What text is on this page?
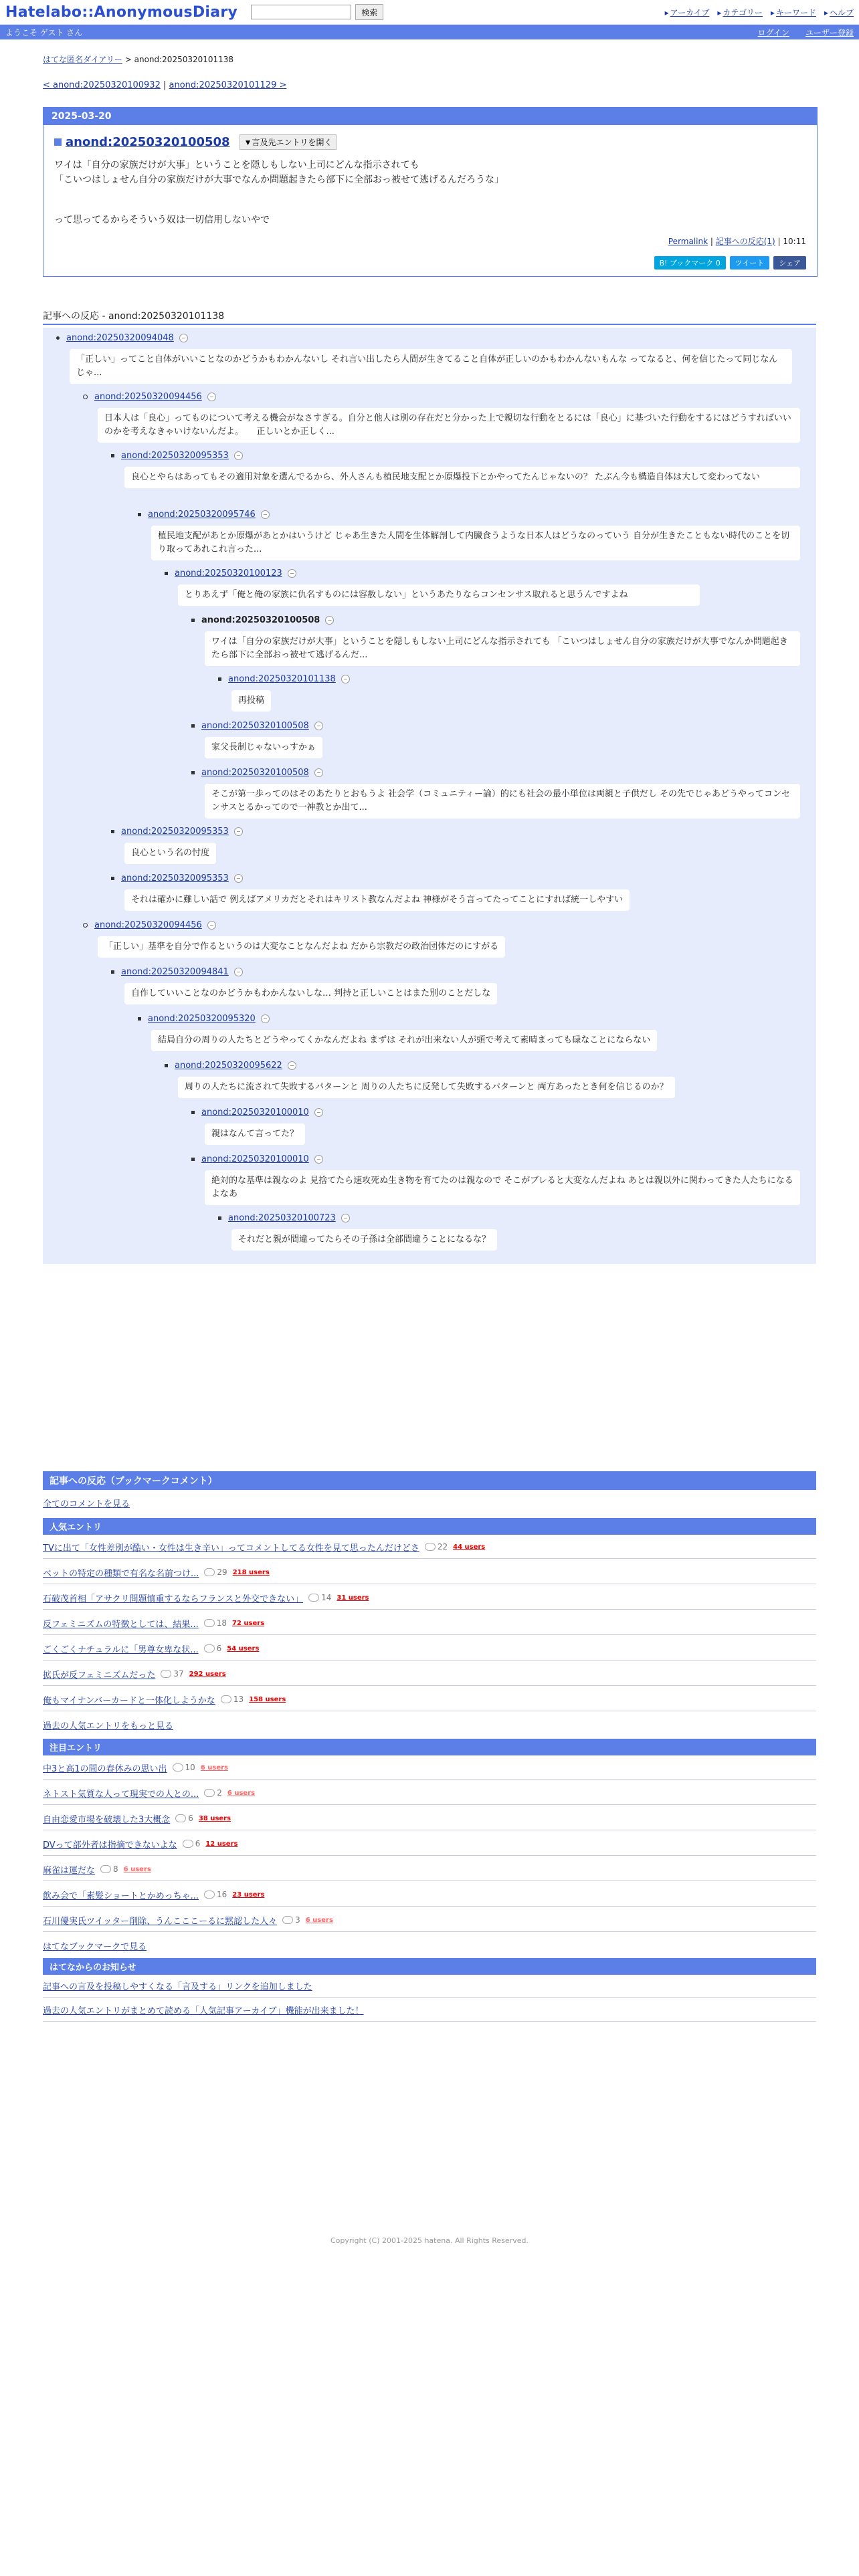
Hatelabo::AnonymousDiary	検索	▸ アーカイブ	▸ カテゴリー	▸ キーワード	▸ ヘルプ
ようこそ ゲスト さん	ログイン ユーザー登録
はてな匿名ダイアリー > anond:20250320101138
< anond:20250320100932 | anond:20250320101129 >
2025-03-20
anond:20250320100508	▼言及先エントリを開く

ワイは「自分の家族だけが大事」ということを隠しもしない上司にどんな指示されても
「こいつはしょせん自分の家族だけが大事でなんか問題起きたら部下に全部おっ被せて逃げるんだろうな」

って思ってるからそういう奴は一切信用しないやで

Permalink | 記事への反応(1) | 10:11
B! ブックマーク 0	ツイート	シェア
記事への反応 - anond:20250320101138
anond:20250320094048	−
「正しい」ってこと自体がいいことなのかどうかもわかんないし それ言い出したら人間が生きてること自体が正しいのかもわかんないもんな ってなると、何を信じたって同じなんじゃ...
anond:20250320094456	−
日本人は「良心」ってものについて考える機会がなさすぎる。自分と他人は別の存在だと分かった上で親切な行動をとるには「良心」に基づいた行動をするにはどうすればいいのかを考えなきゃいけないんだよ。　　正しいとか正しく...
anond:20250320095353	−
良心とやらはあってもその適用対象を選んでるから、外人さんも植民地支配とか原爆投下とかやってたんじゃないの？ たぶん今も構造自体は大して変わってない
anond:20250320095746	−
植民地支配があとか原爆があとかはいうけど じゃあ生きた人間を生体解剖して内臓食うような日本人はどうなのっていう 自分が生きたこともない時代のことを切り取ってあれこれ言った...
anond:20250320100123	−
とりあえず「俺と俺の家族に仇名すものには容赦しない」というあたりならコンセンサス取れると思うんですよね
anond:20250320100508	−
ワイは「自分の家族だけが大事」ということを隠しもしない上司にどんな指示されても 「こいつはしょせん自分の家族だけが大事でなんか問題起きたら部下に全部おっ被せて逃げるんだ...
anond:20250320101138	−
再投稿
anond:20250320100508	−
家父長制じゃないっすかぁ
anond:20250320100508	−
そこが第一歩ってのはそのあたりとおもうよ 社会学（コミュニティー論）的にも社会の最小単位は両親と子供だし その先でじゃあどうやってコンセンサスとるかってので一神教とか出て...
anond:20250320095353	−
良心という名の忖度
anond:20250320095353	−
それは確かに難しい話で 例えばアメリカだとそれはキリスト教なんだよね 神様がそう言ってたってことにすれば統一しやすい
anond:20250320094456	−
「正しい」基準を自分で作るというのは大変なことなんだよね だから宗教だの政治団体だのにすがる
anond:20250320094841	−
自作していいことなのかどうかもわかんないしな… 判持と正しいことはまた別のことだしな
anond:20250320095320	−
結局自分の周りの人たちとどうやってくかなんだよね まずは それが出来ない人が頭で考えて素晴まっても碌なことにならない
anond:20250320095622	−
周りの人たちに流されて失敗するパターンと 周りの人たちに反発して失敗するパターンと 両方あったとき何を信じるのか？
anond:20250320100010	−
親はなんて言ってた？
anond:20250320100010	−
絶対的な基準は親なのよ 見捨てたら速攻死ぬ生き物を育てたのは親なので そこがブレると大変なんだよね あとは親以外に関わってきた人たちになるよなあ
anond:20250320100723	−
それだと親が間違ってたらその子孫は全部間違うことになるな？
記事への反応（ブックマークコメント）
全てのコメントを見る
人気エントリ
TVに出て「女性差別が酷い・女性は生き辛い」ってコメントしてる女性を見て思ったんだけどさ	22 44 users
ベットの特定の種類で有名な名前つけ...	29 218 users
石破茂首相「アサクリ問題慎重するならフランスと外交できない」	14 31 users
反フェミニズムの特徴としては、結果...	18 72 users
ごくごくナチュラルに「男尊女卑な状...	6 54 users
拡氏が反フェミニズムだった	37 292 users
俺もマイナンバーカードと一体化しようかな	13 158 users
過去の人気エントリをもっと見る
注目エントリ
中3と高1の間の春休みの思い出	10 6 users
ネトスト気質な人って現実での人との...	2 6 users
自由恋愛市場を破壊した3大概念	6 38 users
DVって部外者は指摘できないよな	6 12 users
麻雀は運だな	8 6 users
飲み会で「素髪ショートとかめっちゃ...	16 23 users
石川優実氏ツイッター削除、うんこここーるに黙認した人々	3 6 users
はてなブックマークで見る
はてなからのお知らせ
記事への言及を投稿しやすくなる「言及する」リンクを追加しました
過去の人気エントリがまとめて読める「人気記事アーカイブ」機能が出来ました！
Copyright (C) 2001-2025 hatena. All Rights Reserved.
